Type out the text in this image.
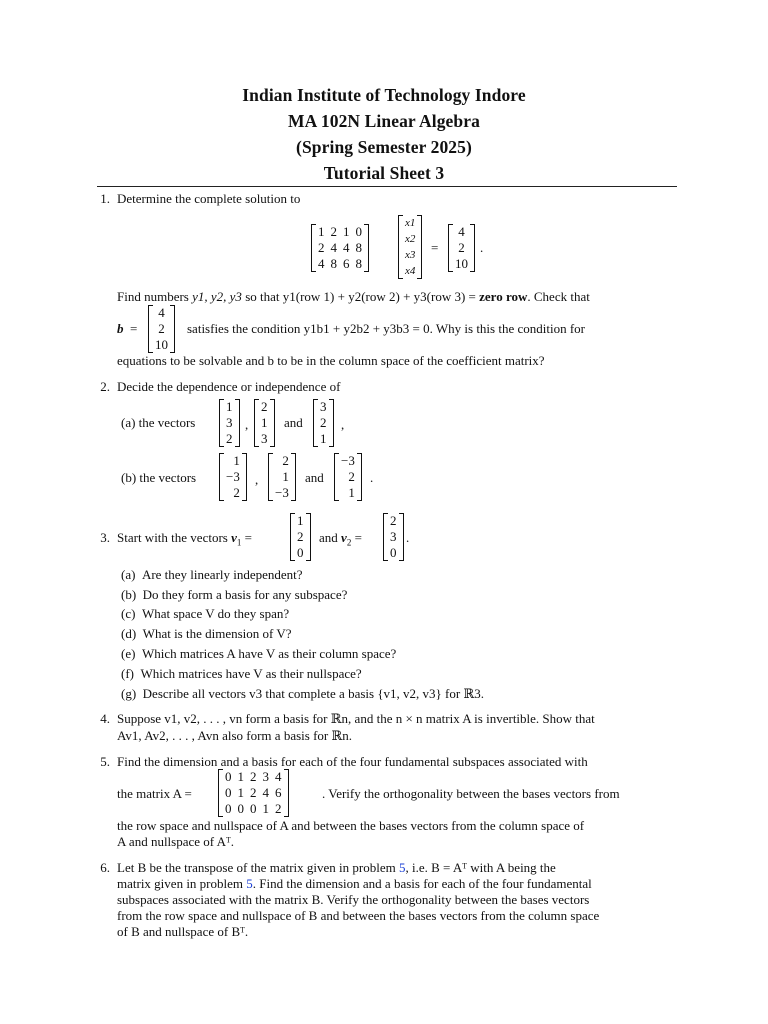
Indian Institute of Technology Indore
MA 102N Linear Algebra
(Spring Semester 2025)
Tutorial Sheet 3
1. Determine the complete solution to
1	2	1	0
2	4	4	8
4	8	6	8
x1
x2
x3
x4
=
4
2
10
.
Find numbers y1, y2, y3 so that y1(row 1) + y2(row 2) + y3(row 3) = zero row. Check that
b =
4
2
10
satisfies the condition y1b1 + y2b2 + y3b3 = 0. Why is this the condition for
equations to be solvable and b to be in the column space of the coefficient matrix?
2. Decide the dependence or independence of
(a) the vectors
1
3
2
,
2
1
3
and
3
2
1
,
(b) the vectors
1
−3
2
,
2
1
−3
and
−3
2
1
.
3. Start with the vectors $v_1$ =
1
2
0
and $v_2$ =
2
3
0
.
(a) Are they linearly independent?
(b) Do they form a basis for any subspace?
(c) What space V do they span?
(d) What is the dimension of V?
(e) Which matrices A have V as their column space?
(f) Which matrices have V as their nullspace?
(g) Describe all vectors v3 that complete a basis {v1, v2, v3} for ℝ3.
4. Suppose v1, v2, . . . , vn form a basis for ℝn, and the n × n matrix A is invertible. Show that
Av1, Av2, . . . , Avn also form a basis for ℝn.
5. Find the dimension and a basis for each of the four fundamental subspaces associated with
the matrix A =
0	1	2	3	4
0	1	2	4	6
0	0	0	1	2
. Verify the orthogonality between the bases vectors from
the row space and nullspace of A and between the bases vectors from the column space of
A and nullspace of Aᵀ.
6. Let B be the transpose of the matrix given in problem 5, i.e. B = Aᵀ with A being the
matrix given in problem 5. Find the dimension and a basis for each of the four fundamental
subspaces associated with the matrix B. Verify the orthogonality between the bases vectors
from the row space and nullspace of B and between the bases vectors from the column space
of B and nullspace of Bᵀ.
